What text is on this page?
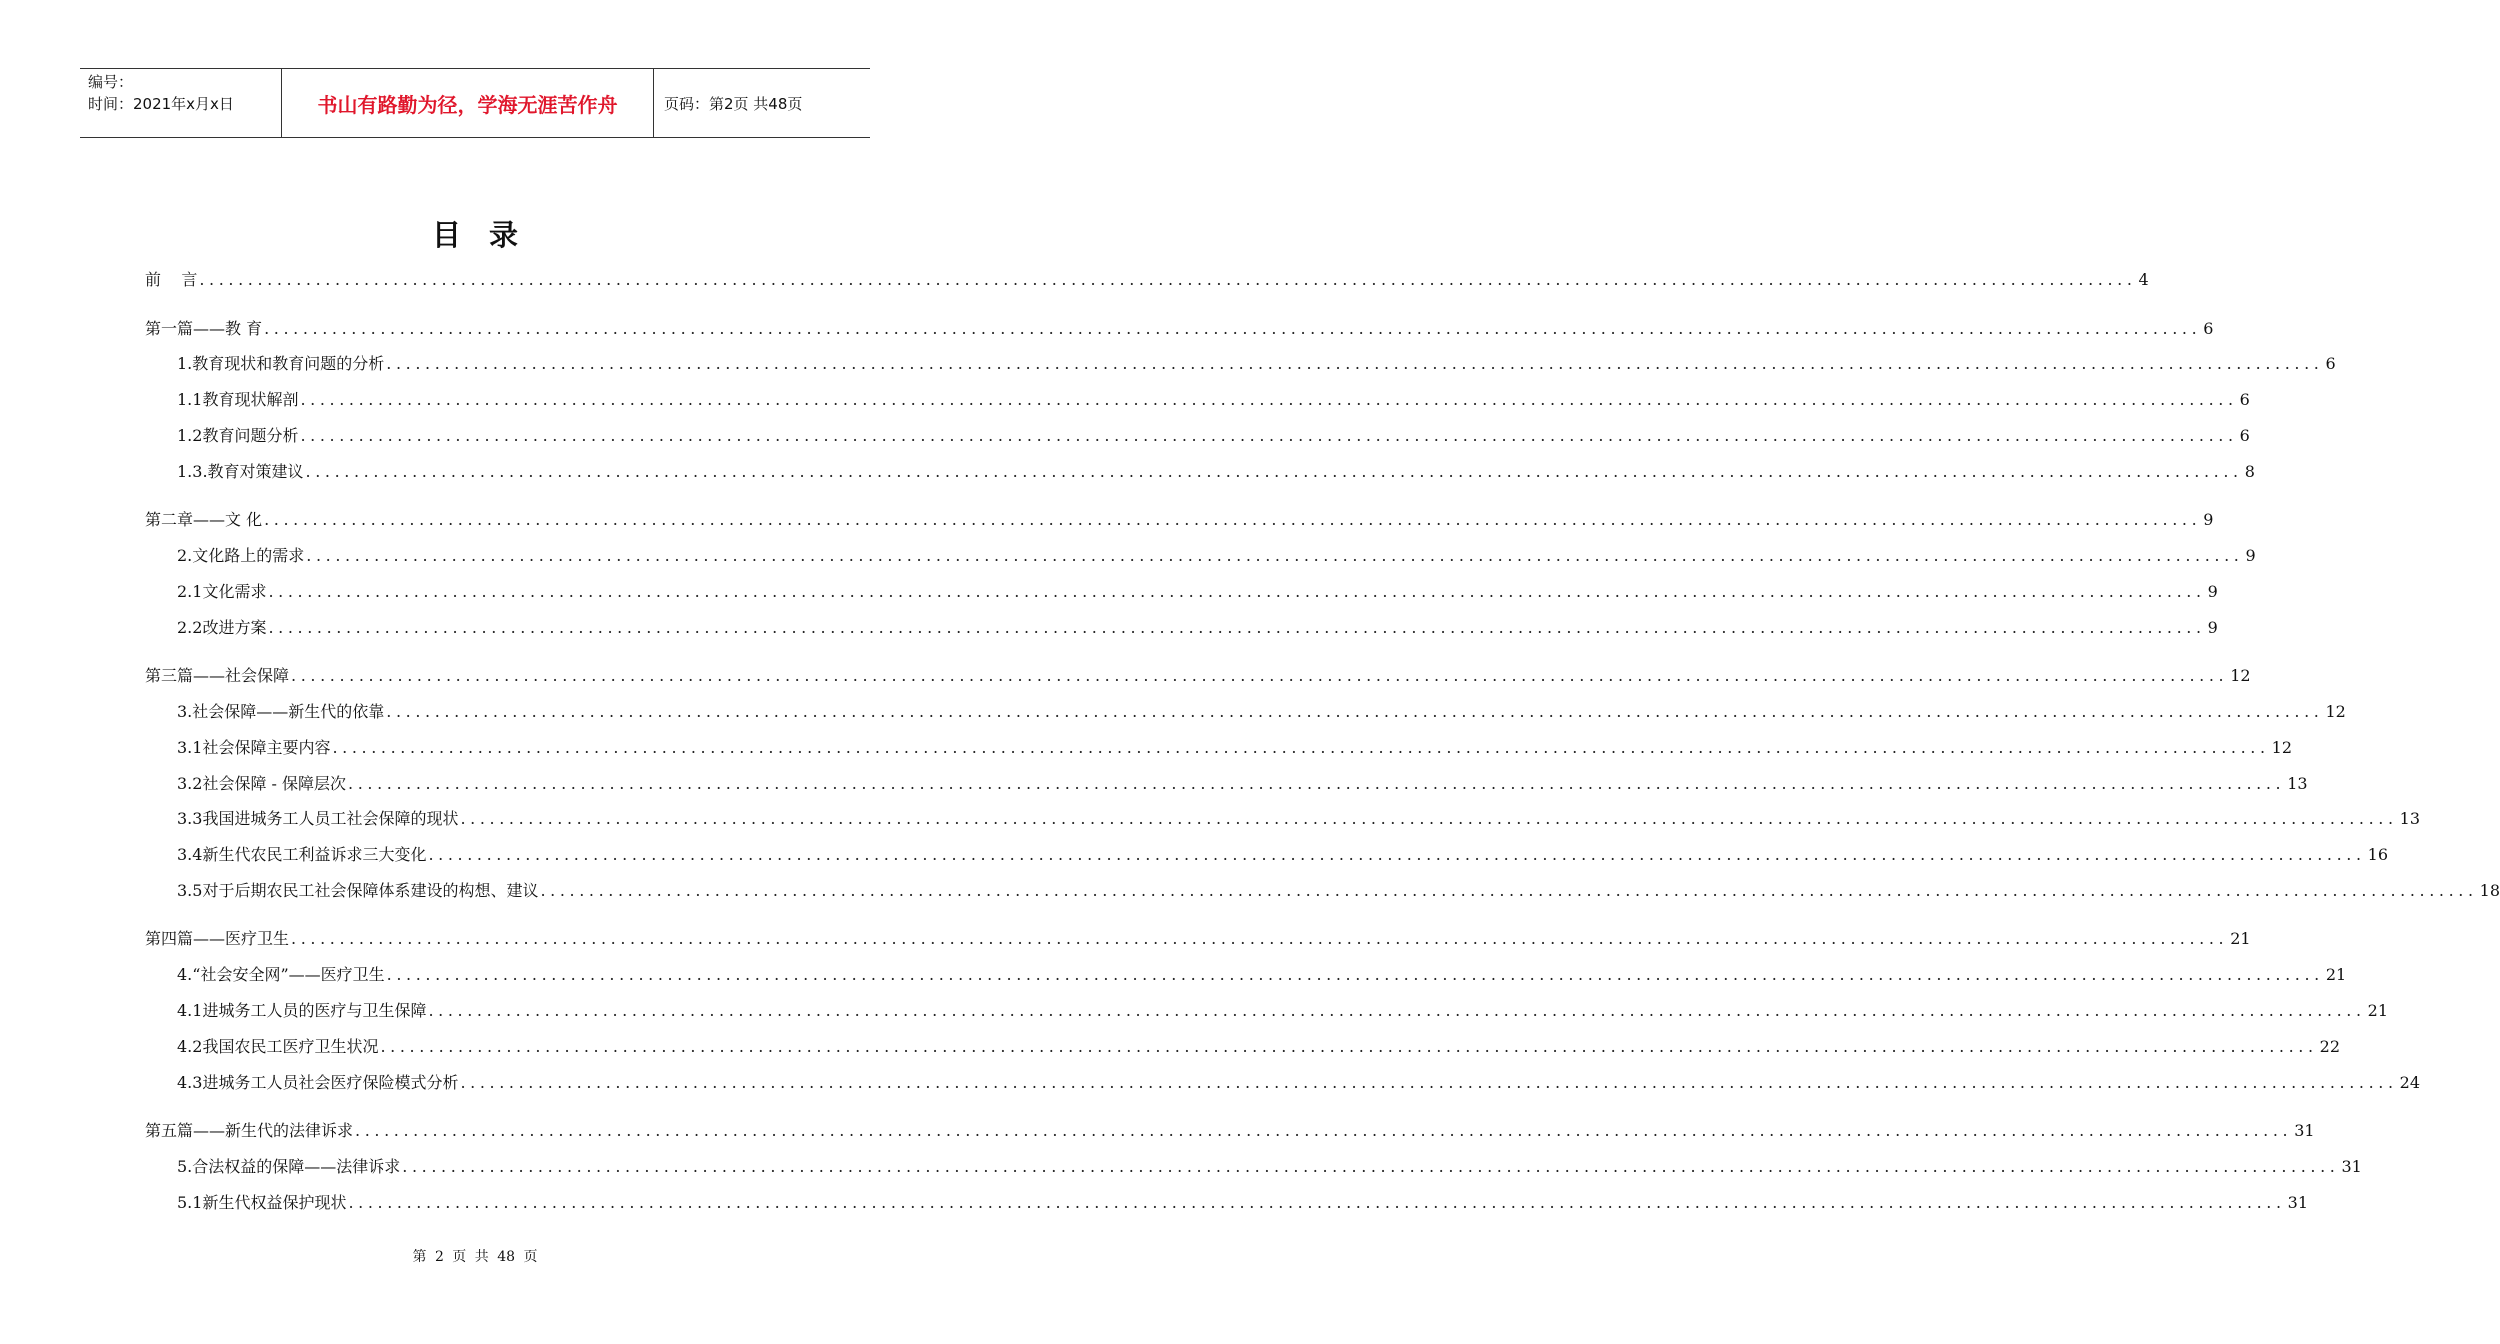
编号：
时间：2021年x月x日	书山有路勤为径，学海无涯苦作舟	页码：第2页 共48页
目录
前    言 ........................................................................................................................................................................................................ 4
第一篇——教 育 ........................................................................................................................................................................................................ 6
1.教育现状和教育问题的分析 ........................................................................................................................................................................................................ 6
1.1教育现状解剖 ........................................................................................................................................................................................................ 6
1.2教育问题分析 ........................................................................................................................................................................................................ 6
1.3.教育对策建议 ........................................................................................................................................................................................................ 8
第二章——文 化 ........................................................................................................................................................................................................ 9
2.文化路上的需求 ........................................................................................................................................................................................................ 9
2.1文化需求 ........................................................................................................................................................................................................ 9
2.2改进方案 ........................................................................................................................................................................................................ 9
第三篇——社会保障 ........................................................................................................................................................................................................ 12
3.社会保障——新生代的依靠 ........................................................................................................................................................................................................ 12
3.1社会保障主要内容 ........................................................................................................................................................................................................ 12
3.2社会保障 - 保障层次 ........................................................................................................................................................................................................ 13
3.3我国进城务工人员工社会保障的现状 ........................................................................................................................................................................................................ 13
3.4新生代农民工利益诉求三大变化 ........................................................................................................................................................................................................ 16
3.5对于后期农民工社会保障体系建设的构想、建议 ........................................................................................................................................................................................................ 18
第四篇——医疗卫生 ........................................................................................................................................................................................................ 21
4.“社会安全网”——医疗卫生 ........................................................................................................................................................................................................ 21
4.1进城务工人员的医疗与卫生保障 ........................................................................................................................................................................................................ 21
4.2我国农民工医疗卫生状况 ........................................................................................................................................................................................................ 22
4.3进城务工人员社会医疗保险模式分析 ........................................................................................................................................................................................................ 24
第五篇——新生代的法律诉求 ........................................................................................................................................................................................................ 31
5.合法权益的保障——法律诉求 ........................................................................................................................................................................................................ 31
5.1新生代权益保护现状 ........................................................................................................................................................................................................ 31
第 2 页 共 48 页
